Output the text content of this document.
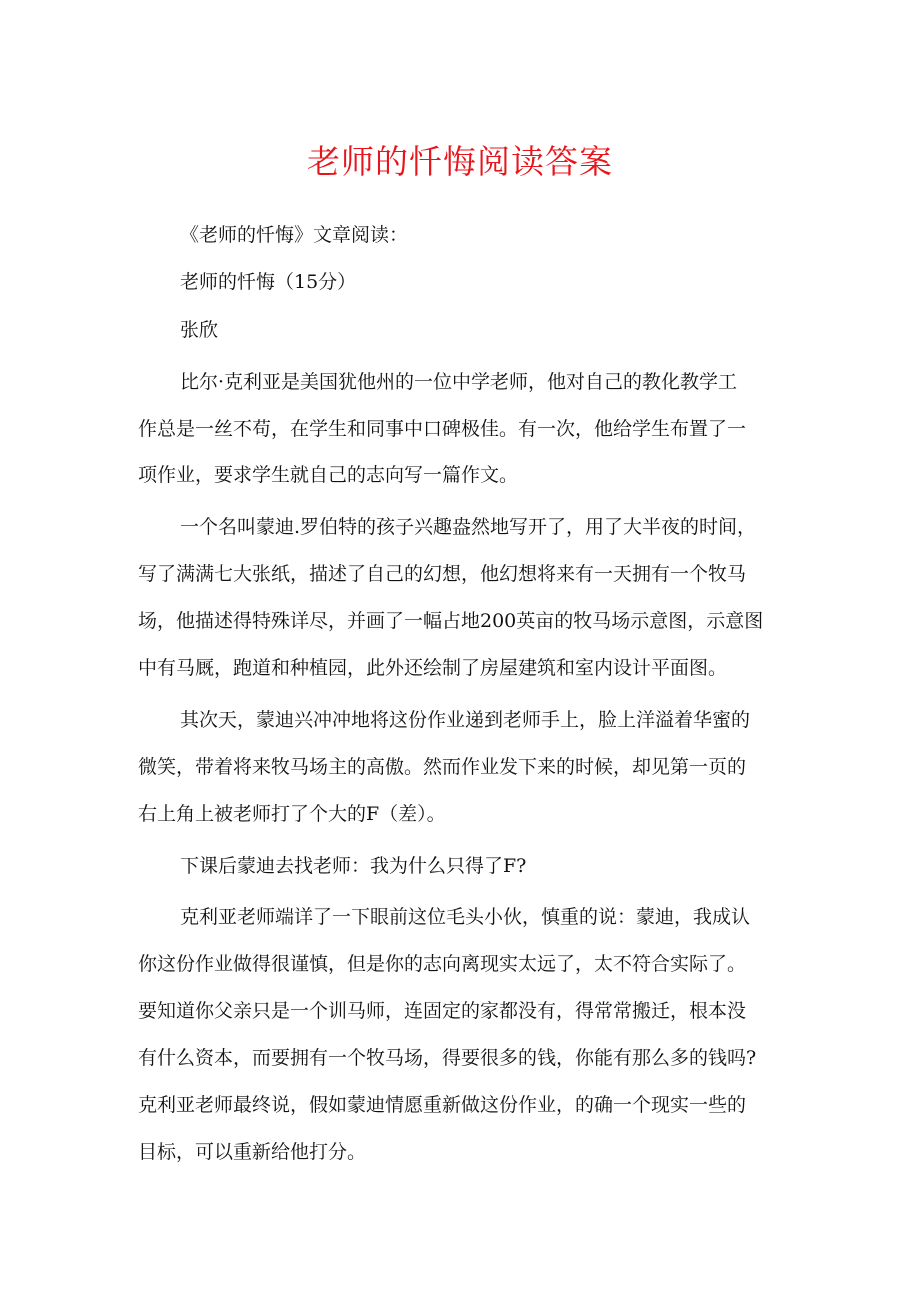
老师的忏悔阅读答案
《老师的忏悔》文章阅读：
老师的忏悔（15分）
张欣
比尔·克利亚是美国犹他州的一位中学老师，他对自己的教化教学工
作总是一丝不苟，在学生和同事中口碑极佳。有一次，他给学生布置了一
项作业，要求学生就自己的志向写一篇作文。
一个名叫蒙迪.罗伯特的孩子兴趣盎然地写开了，用了大半夜的时间，
写了满满七大张纸，描述了自己的幻想，他幻想将来有一天拥有一个牧马
场，他描述得特殊详尽，并画了一幅占地200英亩的牧马场示意图，示意图
中有马厩，跑道和种植园，此外还绘制了房屋建筑和室内设计平面图。
其次天，蒙迪兴冲冲地将这份作业递到老师手上，脸上洋溢着华蜜的
微笑，带着将来牧马场主的高傲。然而作业发下来的时候，却见第一页的
右上角上被老师打了个大的F（差）。
下课后蒙迪去找老师：我为什么只得了F?
克利亚老师端详了一下眼前这位毛头小伙，慎重的说：蒙迪，我成认
你这份作业做得很谨慎，但是你的志向离现实太远了，太不符合实际了。
要知道你父亲只是一个训马师，连固定的家都没有，得常常搬迁，根本没
有什么资本，而要拥有一个牧马场，得要很多的钱，你能有那么多的钱吗?
克利亚老师最终说，假如蒙迪情愿重新做这份作业，的确一个现实一些的
目标，可以重新给他打分。
